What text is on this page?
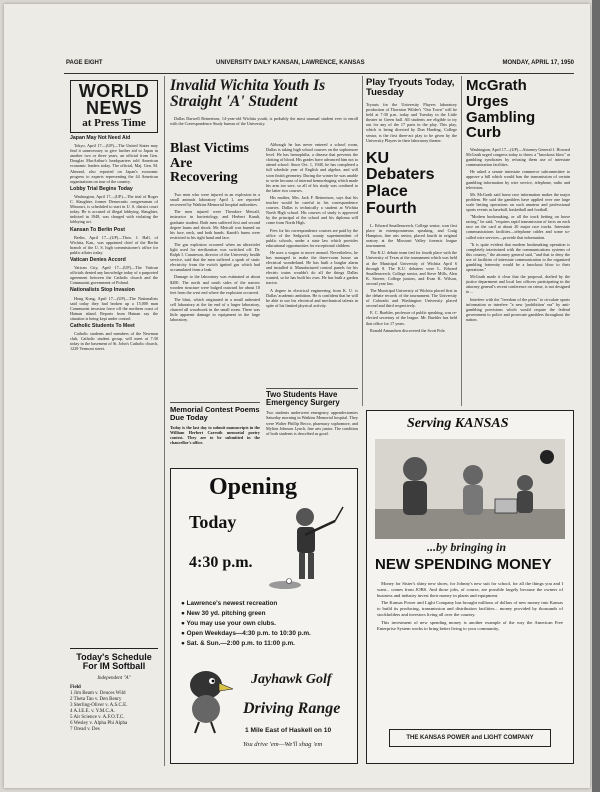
PAGE EIGHT	UNIVERSITY DAILY KANSAN, LAWRENCE, KANSAS	MONDAY, APRIL 17, 1950
WORLD
NEWS
at Press Time
Japan May Not Need Aid

Tokyo, April 17—(UP)—The United States may find it unnecessary to give further aid to Japan in another two or three years, an official from Gen. Douglas MacArthur's headquarters told American economic leaders today. The official, Maj. Gen. M. Almond, also reported on Japan's economic progress to experts representing the 44 American organizations on tour of the country.

Lobby Trial Begins Today

Washington, April 17—(UP)—The trial of Roger C. Slaughter, former Democratic congressman of Missouri, is scheduled to start in U. S. district court today. He is accused of illegal lobbying. Slaughter, indicted in 1948, was charged with violating the lobbying act.

Kansan To Berlin Post

Berlin, April 17—(UP)—Theo. J. Hall, of Wichita, Kan., was appointed chief of the Berlin branch of the U. S. high commissioner's office for public affairs today.

Vatican Denies Accord

Vatican City, April 17—(UP)—The Vatican officials denied any knowledge today of a purported agreement between the Catholic church and the Communist government of Poland.

Nationalists Stop Invasion

Hong Kong, April 17—(UP)—The Nationalists said today they had broken up a 15,000 man Communist invasion force off the northern coast of Hainan island. Reports from Hainan say the situation is being kept under control.

Catholic Students To Meet

Catholic students and members of the Newman club, Catholic student group, will meet at 7:30 today in the basement of St. John's Catholic church, 1229 Vermont street.

Today's Schedule For IM Softball
Independent "A"
Field
1 Jim Beam v. Deuces Wild
2 Theta Tau v. Den Benry
3 Sterling-Oliver v. A.S.C.E.
4 A.I.E.E. v. Y.M.C.A.
5 Air Science v. A.F.O.T.C.
6 Wesley v. Alpha Phi Alpha
7 Oread v. Des
Invalid Wichita Youth Is Straight 'A' Student

Dallas Darwell Reinertson, 14-year-old Wichita youth, is probably the most unusual student ever to enroll with the Correspondence Study bureau of the University.

Blast Victims Are Recovering

Two men who were injured in an explosion in a small animals laboratory April 1, are reported recovered by Watkins Memorial hospital authorities.

The men injured were Theodore Metcalf, instructor in bacteriology, and Herbert Kandt, graduate student. Both men suffered first and second degree burns and shock. Mr. Metcalf was burned on his face, neck, and both hands. Kandt's burns were restricted to his right hand and face.

The gas explosion occurred when an ultraviolet light used for sterilization was switched off. Dr. Ralph I. Canuteson, director of the University health service, said that the men suffered a spark of static electricity from the switch ignited gas which had accumulated from a leak.

Damage to the laboratory was estimated at about $200. The north and south sides of the narrow wooden structure were bulged outward for about 10 feet from the west end where the explosion occurred.

The blast, which originated in a small unheated cell laboratory at the far end of a larger laboratory, charred all woodwork in the small room. There was little apparent damage to equipment in the large laboratory.

Memorial Contest Poems Due Today
Today is the last day to submit manuscripts in the William Herbert Carruth memorial poetry contest. They are to be submitted in the chancellor's office.

Although he has never entered a school room, Dallas is taking high school courses on the sophomore level. He has hemophilia, a disease that prevents the clotting of blood. His grades have advanced him not to attend school. Since Oct. 1, 1948, he has completed a full schedule year of English and algebra, and will soon finish geometry. During the winter he was unable to write because of internal hemorrhaging which made his arm too sore, so all of his study was confined to the latter two courses.

His mother, Mrs. Jack F. Reinertson, says that his teacher would be careful in his correspondence courses. Dallas is technically a student at Wichita North High school. His courses of study is approved by the principal of the school and his diploma will come from North High.

Fees for his correspondence courses are paid by the office of the Sedgwick county superintendent of public schools, under a state law which provides educational opportunities for exceptional children.

He uses a wagon to move around. Nevertheless, he has managed to make the three-room house an electrical wonderland. He has built a burglar alarm and installed it. Manufactured control panels for his electric trains wouldn't do all the things Dallas wanted, so he has built his own. He has built a garden tractor.

A degree in electrical engineering from K. U. is Dallas' academic ambition. He is confident that he will be able to use his electrical and mechanical talents in spite of his limited physical activity.

Two Students Have Emergency Surgery
Two students underwent emergency appendectomies Saturday morning in Watkins Memorial hospital. They were Walter Phillip Becco, pharmacy sophomore, and Mylton Johnson Lynch, fine arts junior. The condition of both students is described as good.
Play Tryouts Today, Tuesday
Tryouts for the University Players laboratory production of Thornton Wilder's "Our Town" will be held at 7:30 p.m. today and Tuesday in the Little theater in Green hall. All students are eligible to try out for any of the 17 parts in the play. This play, which is being directed by Don Harding, College senior, is the first three-act play to be given by the University Players in their laboratory theater.
KU Debaters Place Fourth

L. Edward Smallenwerch, College senior, won first place in extemporaneous speaking, and Craig Hampton, fine arts senior, placed fourth in original oratory at the Missouri Valley forensic league tournament.

The K.U. debate team tied for fourth place with the University of Texas at the tournament which was held at the Municipal University of Wichita April 6 through 8. The K.U. debaters were L. Edward Smallenwerch, College senior, and Steve Mills, Alen K. Stoerer, College juniors, and Evan K. Wilson, second year law.

The Municipal University of Wichita placed first in the debate records of the tournament. The University of Colorado and Washington University placed second and third respectively.

E. C. Buehler, professor of public speaking, was re-elected secretary of the league. Mr. Buehler has held that office for 17 years.

Ronald Amundsen discovered the Scott Pole.

McGrath Urges Gambling Curb

Washington, April 17—(UP)—Attorney General J. Howard McGrath urged congress today to throw a "knockout blow" at gambling syndicates by refusing them use of interstate communication facilities.

He asked a senate interstate commerce subcommittee to approve a bill which would ban the transmission of certain gambling information by wire service, telephone, radio and television.

Mr. McGrath said horse race information makes the major problem. He said the gamblers have applied over one large scale betting operations on such amateur and professional sports events as baseball, basketball and football.

"Modern bookmaking, or all the track betting on horse racing," he said, "requires rapid transmission of facts on each race on the card at about 20 major race tracks. Interstate communications facilities—telephone cables and some so-called wire services—provide that information.

"It is quite evident that modern bookmaking operation is completely intertwined with the communications systems of this country," the attorney general said, "and that to deny the use of facilities of interstate communication to the organized gambling fraternity would be a knockout blow to their operations."

McGrath made it clear that the proposal, drafted by the justice department and local law officers participating in the attorney general's recent conference on crime, is not designed to ...

Interfere with the "freedom of the press" to circulate sports information or interfere "a new 'prohibition' era" by anti-gambling provisions which would require the federal government to police and prosecute gamblers throughout the nation.

Opening
Today
4:30 p.m.
● Lawrence's newest recreation
● New 30 yd. pitching green
● You may use your own clubs.
● Open Weekdays—4:30 p.m. to 10:30 p.m.
● Sat. & Sun.—2:00 p.m. to 11:00 p.m.
Jayhawk Golf
Driving Range
1 Mile East of Haskell on 10
You drive 'em—We'll shag 'em
Serving KANSAS
...by bringing in
NEW SPENDING MONEY

Money for Sister's shiny new shoes, for Johnny's new suit for school, for all the things you and I want... comes from JOBS. And those jobs, of course, are possible largely because the owners of business and industry invest their money in plants and equipment.

The Kansas Power and Light Company has brought millions of dollars of new money into Kansas to build its producing, transmission and distribution facilities... money provided by thousands of stockholders and investors living all over the country.

This investment of new spending money is another example of the way the American Free Enterprise System works to bring better living to your community,

THE KANSAS POWER and LIGHT COMPANY
